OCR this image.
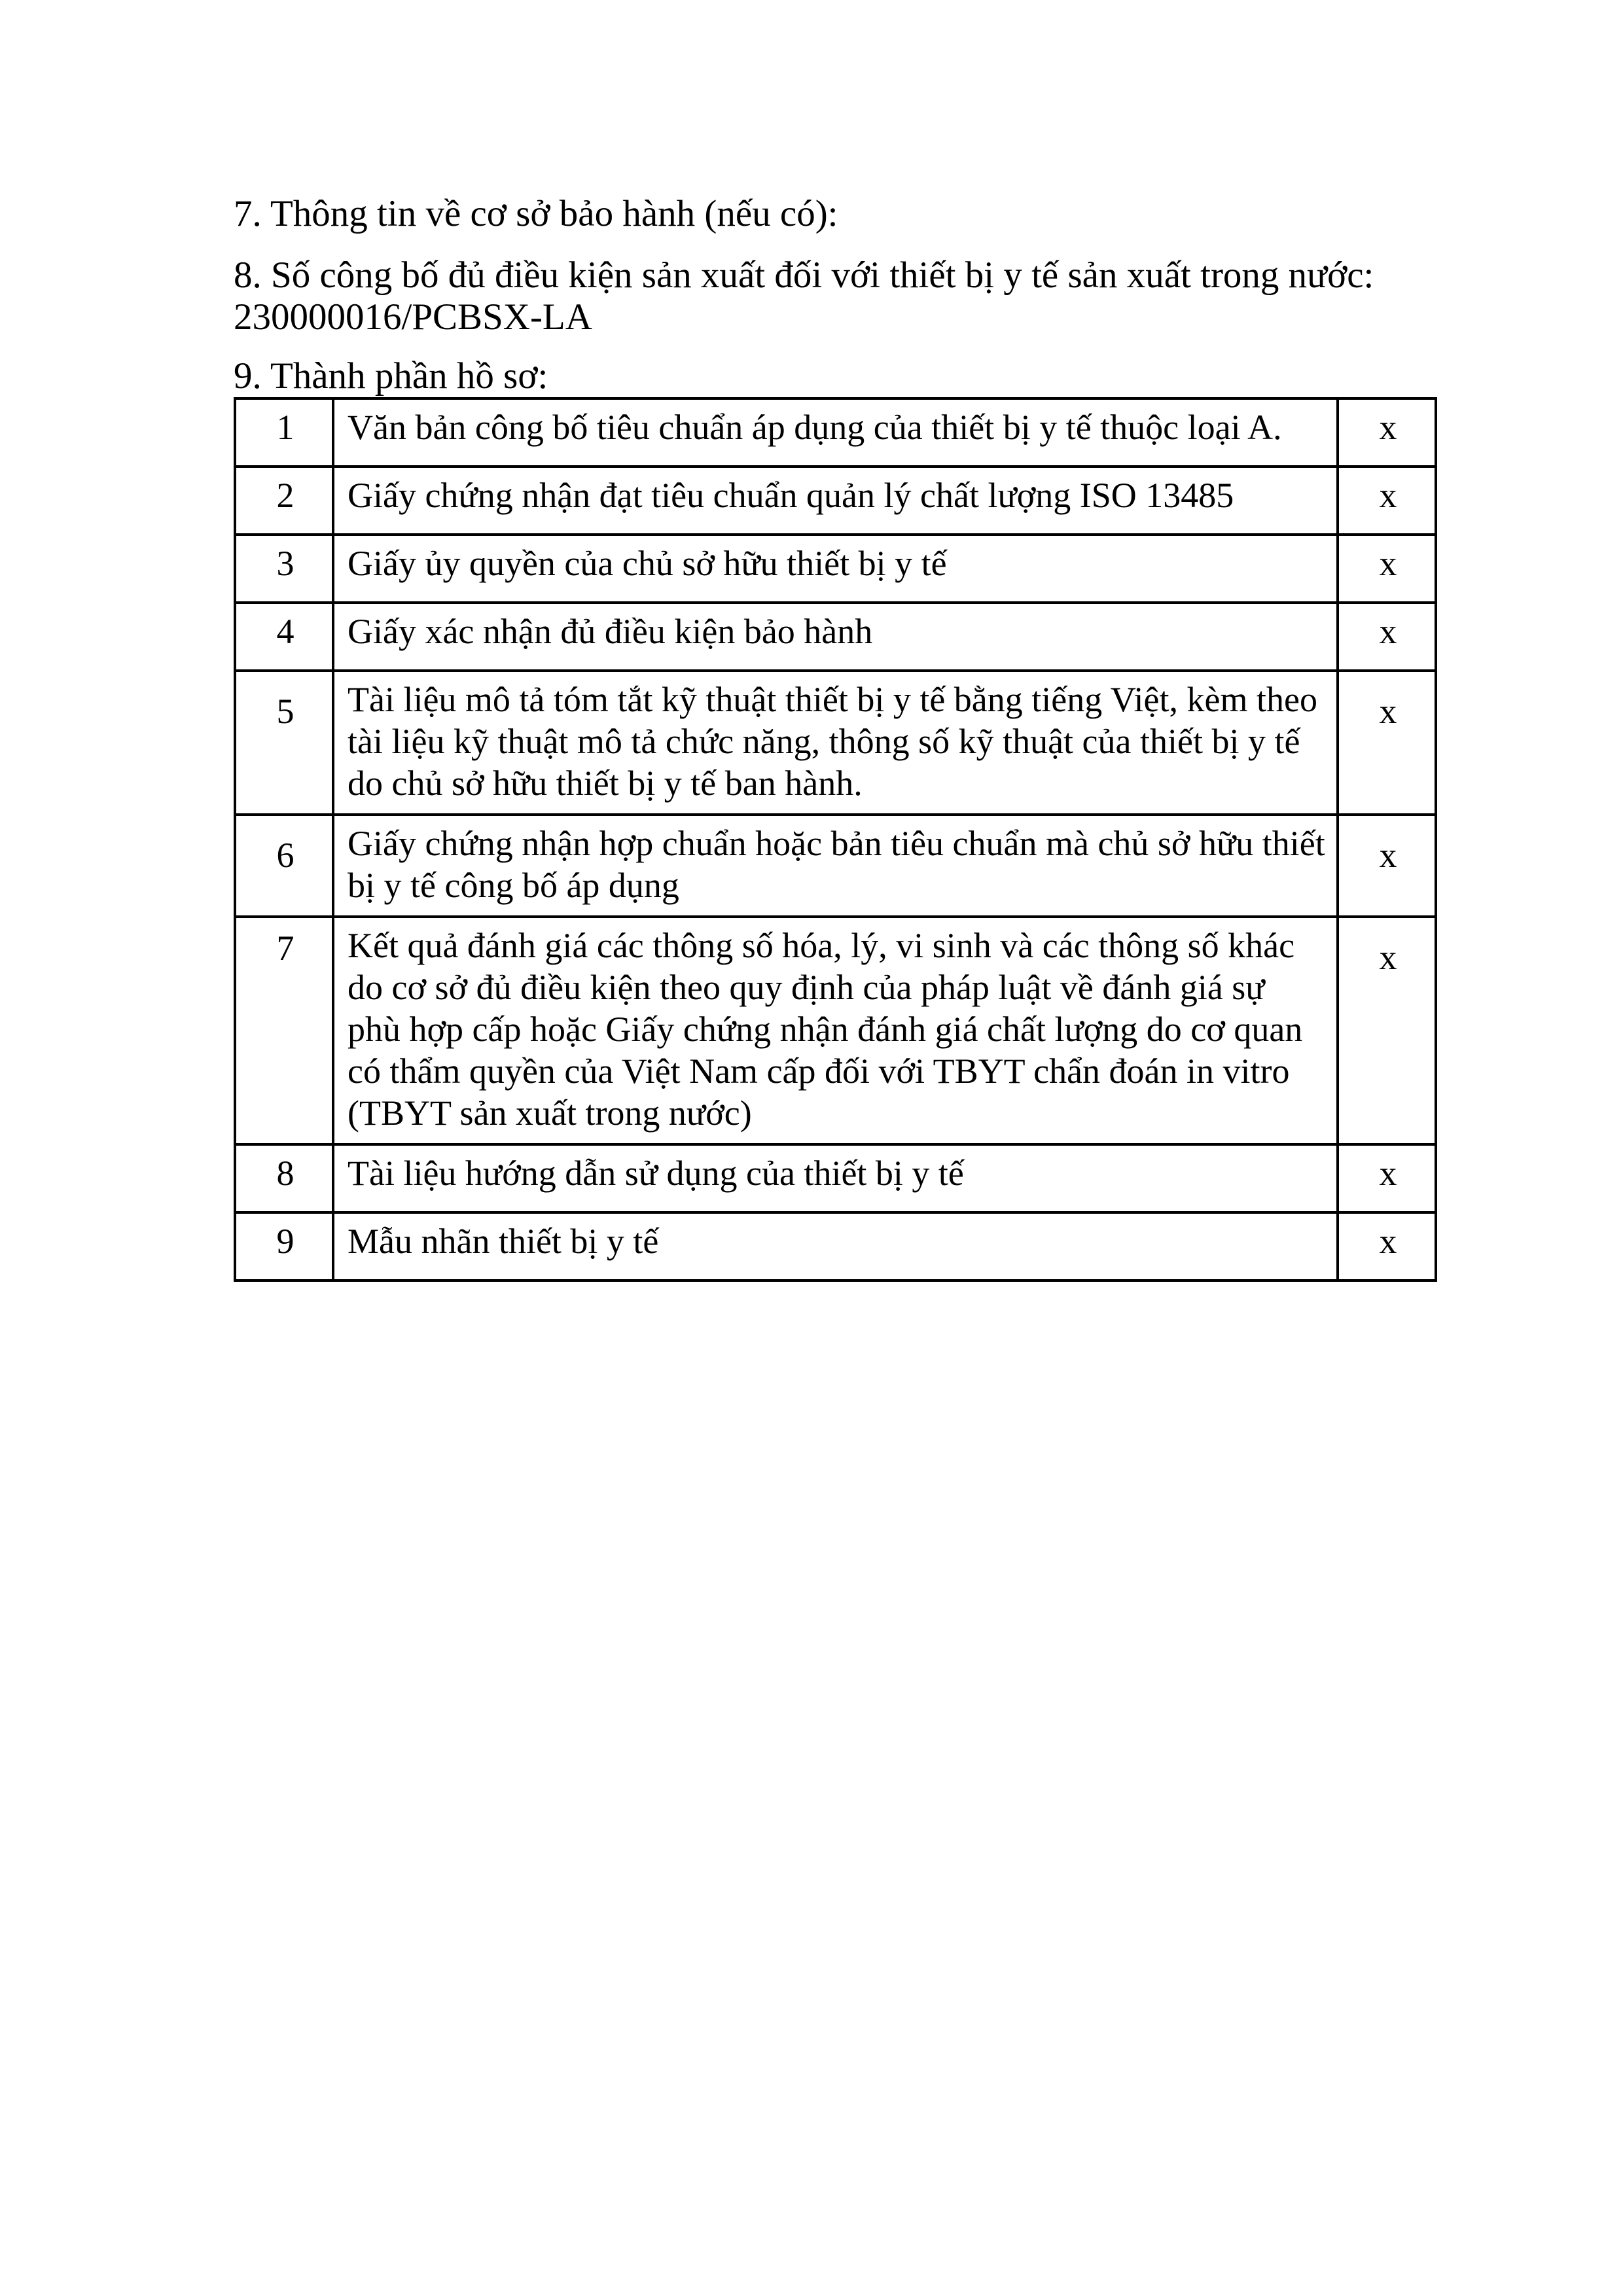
7. Thông tin về cơ sở bảo hành (nếu có):

8. Số công bố đủ điều kiện sản xuất đối với thiết bị y tế sản xuất trong nước: 230000016/PCBSX-LA

9. Thành phần hồ sơ:

1	Văn bản công bố tiêu chuẩn áp dụng của thiết bị y tế thuộc loại A.	x
2	Giấy chứng nhận đạt tiêu chuẩn quản lý chất lượng ISO 13485	x
3	Giấy ủy quyền của chủ sở hữu thiết bị y tế	x
4	Giấy xác nhận đủ điều kiện bảo hành	x
5	Tài liệu mô tả tóm tắt kỹ thuật thiết bị y tế bằng tiếng Việt, kèm theo tài liệu kỹ thuật mô tả chức năng, thông số kỹ thuật của thiết bị y tế do chủ sở hữu thiết bị y tế ban hành.	x
6	Giấy chứng nhận hợp chuẩn hoặc bản tiêu chuẩn mà chủ sở hữu thiết bị y tế công bố áp dụng	x
7	Kết quả đánh giá các thông số hóa, lý, vi sinh và các thông số khác do cơ sở đủ điều kiện theo quy định của pháp luật về đánh giá sự phù hợp cấp hoặc Giấy chứng nhận đánh giá chất lượng do cơ quan có thẩm quyền của Việt Nam cấp đối với TBYT chẩn đoán in vitro (TBYT sản xuất trong nước)	x
8	Tài liệu hướng dẫn sử dụng của thiết bị y tế	x
9	Mẫu nhãn thiết bị y tế	x
